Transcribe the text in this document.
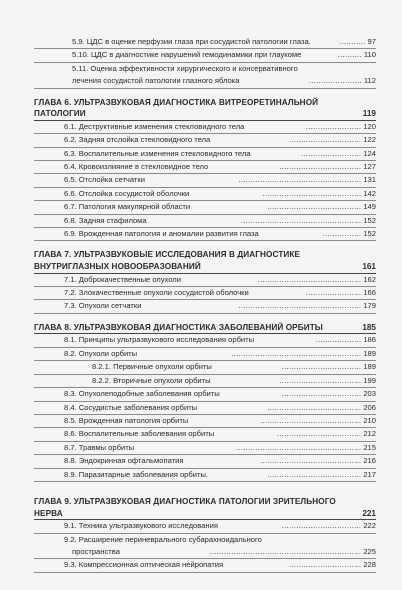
5.9. ЦДС в оценке перфузии глаза при сосудистой патологии глаза.	........... 97
5.10. ЦДС в диагностике нарушений гемодинамики при глаукоме	.......... 110
5.11. Оценка эффективности хирургического и консервативного
лечения сосудистой патологии глазного яблока	...................... 112
ГЛАВА 6. УЛЬТРАЗВУКОВАЯ ДИАГНОСТИКА ВИТРЕОРЕТИНАЛЬНОЙ
ПАТОЛОГИИ	119
6.1. Деструктивные изменения стекловидного тела	....................... 120
6.2. Задняя отслойка стекловидного тела	.............................. 122
6.3. Воспалительные изменения стекловидного тела	......................... 124
6.4. Кровоизлияние в стекловидное тело	.................................. 127
6.5. Отслойка сетчатки	................................................... 131
6.6. Отслойка сосудистой оболочки	......................................... 142
6.7. Патология макулярной области	....................................... 149
6.8. Задняя стафилома	.................................................. 152
6.9. Врожденная патология и аномалии развития глаза	................ 152
ГЛАВА 7. УЛЬТРАЗВУКОВЫЕ ИССЛЕДОВАНИЯ В ДИАГНОСТИКЕ
ВНУТРИГЛАЗНЫХ НОВООБРАЗОВАНИЙ	161
7.1. Доброкачественные опухоли	........................................... 162
7.2. Злокачественные опухоли сосудистой оболочки	....................... 166
7.3. Опухоли сетчатки	................................................... 179
ГЛАВА 8. УЛЬТРАЗВУКОВАЯ ДИАГНОСТИКА ЗАБОЛЕВАНИЙ ОРБИТЫ	185
8.1. Принципы ультразвукового исследования орбиты	................... 186
8.2. Опухоли орбиты	...................................................... 189
8.2.1. Первичные опухоли орбиты	................................. 189
8.2.2. Вторичные опухоли орбиты	.................................. 199
8.3. Опухолеподобные заболевания орбиты	................................. 203
8.4. Сосудистые заболевания орбиты	....................................... 206
8.5. Врожденная патология орбиты	.......................................... 210
8.6. Воспалительные заболевания орбиты	................................... 212
8.7. Травмы орбиты	.................................................... 215
8.8. Эндокринная офтальмопатия	.......................................... 216
8.9. Паразитарные заболевания орбиты.	....................................... 217
ГЛАВА 9. УЛЬТРАЗВУКОВАЯ ДИАГНОСТИКА ПАТОЛОГИИ ЗРИТЕЛЬНОГО
НЕРВА	221
9.1. Техника ультразвукового исследования	................................. 222
9.2. Расширение периневрального субарахноидального
пространства	............................................................... 225
9.3. Компрессионная оптическая нейропатия	.............................. 228
